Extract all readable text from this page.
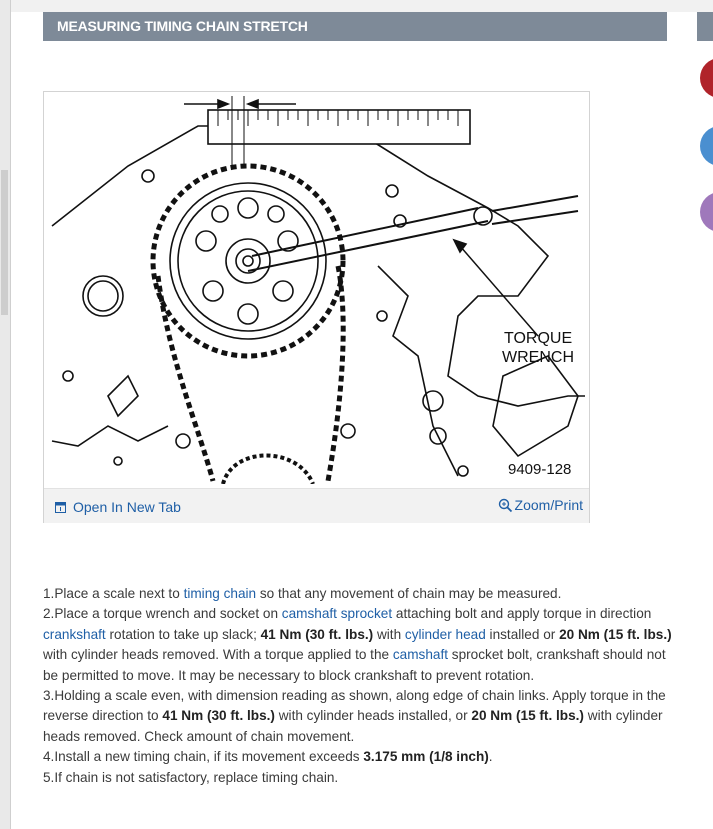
MEASURING TIMING CHAIN STRETCH
TORQUE
WRENCH
9409-128
Open In New Tab	Zoom/Print

1.Place a scale next to timing chain so that any movement of chain may be measured.

2.Place a torque wrench and socket on camshaft sprocket attaching bolt and apply torque in direction crankshaft rotation to take up slack; 41 Nm (30 ft. lbs.) with cylinder head installed or 20 Nm (15 ft. lbs.) with cylinder heads removed. With a torque applied to the camshaft sprocket bolt, crankshaft should not be permitted to move. It may be necessary to block crankshaft to prevent rotation.

3.Holding a scale even, with dimension reading as shown, along edge of chain links. Apply torque in the reverse direction to 41 Nm (30 ft. lbs.) with cylinder heads installed, or 20 Nm (15 ft. lbs.) with cylinder heads removed. Check amount of chain movement.

4.Install a new timing chain, if its movement exceeds 3.175 mm (1/8 inch).

5.If chain is not satisfactory, replace timing chain.
